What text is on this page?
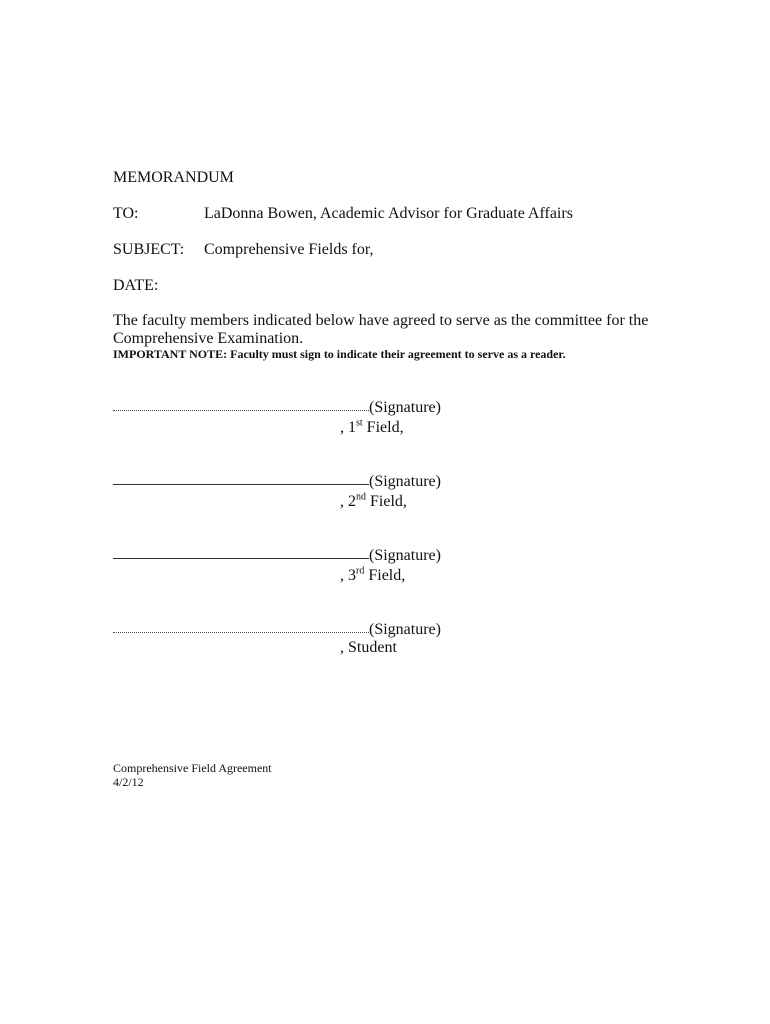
MEMORANDUM
TO:	LaDonna Bowen, Academic Advisor for Graduate Affairs
SUBJECT: Comprehensive Fields for,
DATE:
The faculty members indicated below have agreed to serve as the committee for the
Comprehensive Examination.
IMPORTANT NOTE: Faculty must sign to indicate their agreement to serve as a reader.
(Signature)
, 1st Field,
(Signature)
, 2nd Field,
(Signature)
, 3rd Field,
(Signature)
, Student
Comprehensive Field Agreement
4/2/12
